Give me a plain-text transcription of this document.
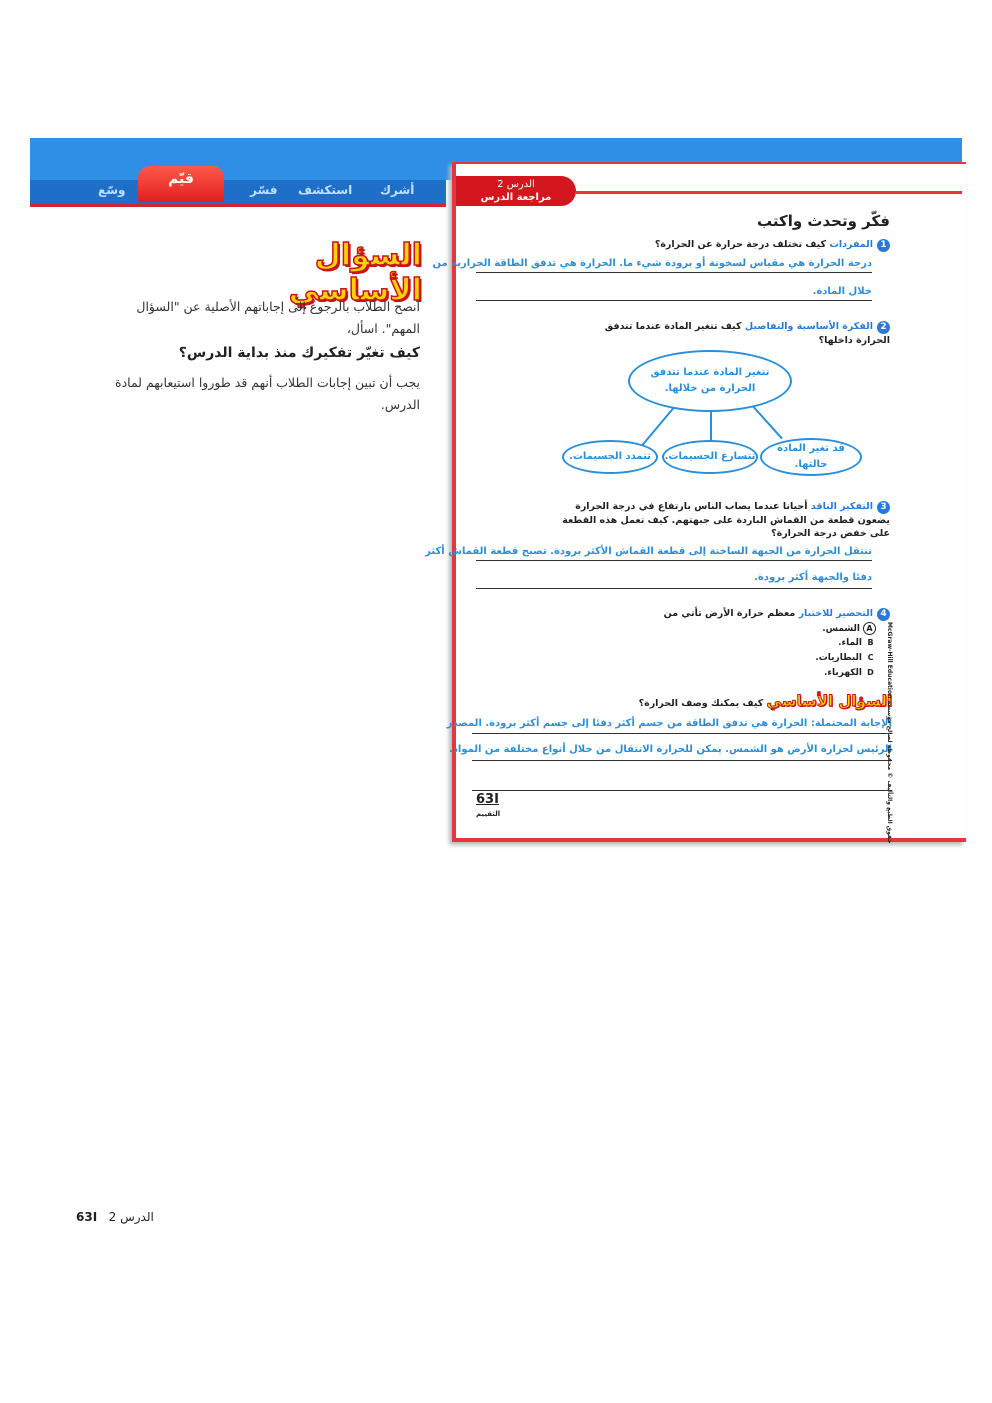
أشرك
استكشف
فسّر
قيّم
وسّع
السؤال الأساسي
انصح الطلاب بالرجوع إلى إجاباتهم الأصلية عن "السؤال المهم". اسأل،
كيف تغيّر تفكيرك منذ بداية الدرس؟
يجب أن تبين إجابات الطلاب أنهم قد طوروا استيعابهم لمادة الدرس.
63I الدرس 2
الدرس 2
مراجعة الدرس
فكّر وتحدث واكتب
1المفردات كيف تختلف درجة حرارة عن الحرارة؟
درجة الحرارة هي مقياس لسخونة أو برودة شيء ما. الحرارة هي تدفق الطاقة الحرارية من
خلال المادة.
2الفكرة الأساسية والتفاصيل كيف تتغير المادة عندما تتدفق الحرارة داخلها؟
تتغير المادة عندما تتدفق الحرارة من خلالها.
قد تغير المادة حالتها.
تتسارع الجسيمات.
تتمدد الجسيمات.
3التفكير الناقد أحيانا عندما يصاب الناس بارتفاع في درجة الحرارة يضعون قطعة من القماش الباردة على جبهتهم. كيف تعمل هذه القطعة على خفض درجة الحرارة؟
تنتقل الحرارة من الجبهة الساخنة إلى قطعة القماش الأكثر برودة. تصبح قطعة القماش أكثر
دفئا والجبهة أكثر برودة.
4التحضير للاختبار معظم حرارة الأرض تأتي من
Aالشمس.
Bالماء.
Cالبطاريات.
Dالكهرباء.
السؤال الأساسي كيف يمكنك وصف الحرارة؟
الإجابة المحتملة: الحرارة هي تدفق الطاقة من جسم أكثر دفئا إلى جسم أكثر برودة. المصدر
الرئيس لحرارة الأرض هو الشمس. يمكن للحرارة الانتقال من خلال أنواع مختلفة من المواد.
63I
التقييم
McGraw-Hill Education حقوق الطبع والتأليف © محفوظة لصالح مؤسسة
